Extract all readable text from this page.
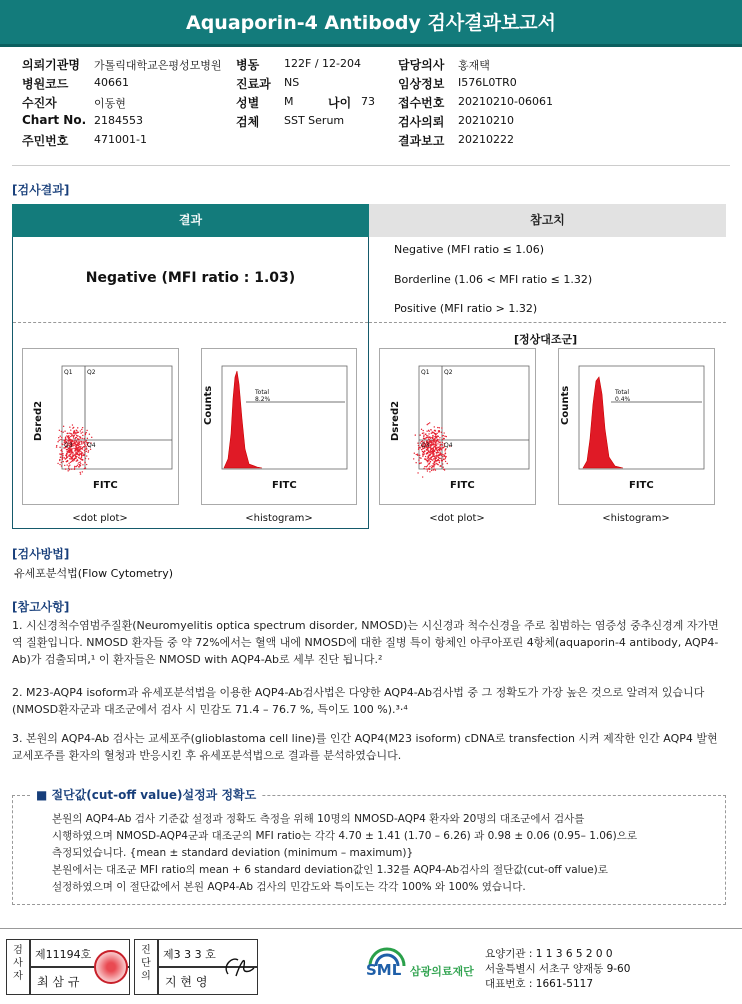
Aquaporin-4 Antibody 검사결과보고서
의뢰기관명 가톨릭대학교은평성모병원 병동 122F / 12-204	담당의사 홍재택
병원코드 40661	진료과 NS	임상정보 I576L0TR0
수진자	이동현	성별 M	나이 73 접수번호 20210210-06061
Chart No. 2184553	검체 SST Serum	검사의뢰 20210210
주민번호 471001-1	결과보고 20210222
[검사결과]
결과	참고치
Negative (MFI ratio : 1.03)
Negative (MFI ratio ≤ 1.06)
Borderline (1.06 < MFI ratio ≤ 1.32)
Positive (MFI ratio > 1.32)
[정상대조군]
Dsred2
FITC
Q1 Q2
Q3 Q4
<dot plot>
Counts
FITC
Total
8.2%
<histogram>
Dsred2
FITC
Q1 Q2
Q3 Q4
<dot plot>
Counts
FITC
Total
0.4%
<histogram>
[검사방법]
유세포분석법(Flow Cytometry)
[참고사항]
1. 시신경척수염범주질환(Neuromyelitis optica spectrum disorder, NMOSD)는 시신경과 척수신경을 주로 침범하는 염증성 중추신경계 자가면역 질환입니다. NMOSD 환자들 중 약 72%에서는 혈액 내에 NMOSD에 대한 질병 특이 항체인 아쿠아포린 4항체(aquaporin-4 antibody, AQP4-Ab)가 검출되며,¹ 이 환자들은 NMOSD with AQP4-Ab로 세부 진단 됩니다.²
2. M23-AQP4 isoform과 유세포분석법을 이용한 AQP4-Ab검사법은 다양한 AQP4-Ab검사법 중 그 정확도가 가장 높은 것으로 알려져 있습니다(NMOSD환자군과 대조군에서 검사 시 민감도 71.4 – 76.7 %, 특이도 100 %).³·⁴
3. 본원의 AQP4-Ab 검사는 교세포주(glioblastoma cell line)를 인간 AQP4(M23 isoform) cDNA로 transfection 시켜 제작한 인간 AQP4 발현 교세포주를 환자의 혈청과 반응시킨 후 유세포분석법으로 결과를 분석하였습니다.
■ 절단값(cut-off value)설정과 정확도
본원의 AQP4-Ab 검사 기준값 설정과 정확도 측정을 위해 10명의 NMOSD-AQP4 환자와 20명의 대조군에서 검사를
시행하였으며 NMOSD-AQP4군과 대조군의 MFI ratio는 각각 4.70 ± 1.41 (1.70 – 6.26) 과 0.98 ± 0.06 (0.95– 1.06)으로
측정되었습니다. {mean ± standard deviation (minimum – maximum)}
본원에서는 대조군 MFI ratio의 mean + 6 standard deviation값인 1.32를 AQP4-Ab검사의 절단값(cut-off value)로
설정하였으며 이 절단값에서 본원 AQP4-Ab 검사의 민감도와 특이도는 각각 100% 와 100% 였습니다.
검사자
제11194호
최 삼 규
진단의
제3 3 3 호
지 현 영
SML 삼광의료재단
요양기관 : 1 1 3 6 5 2 0 0
서울특별시 서초구 양재동 9-60
대표번호 : 1661-5117
